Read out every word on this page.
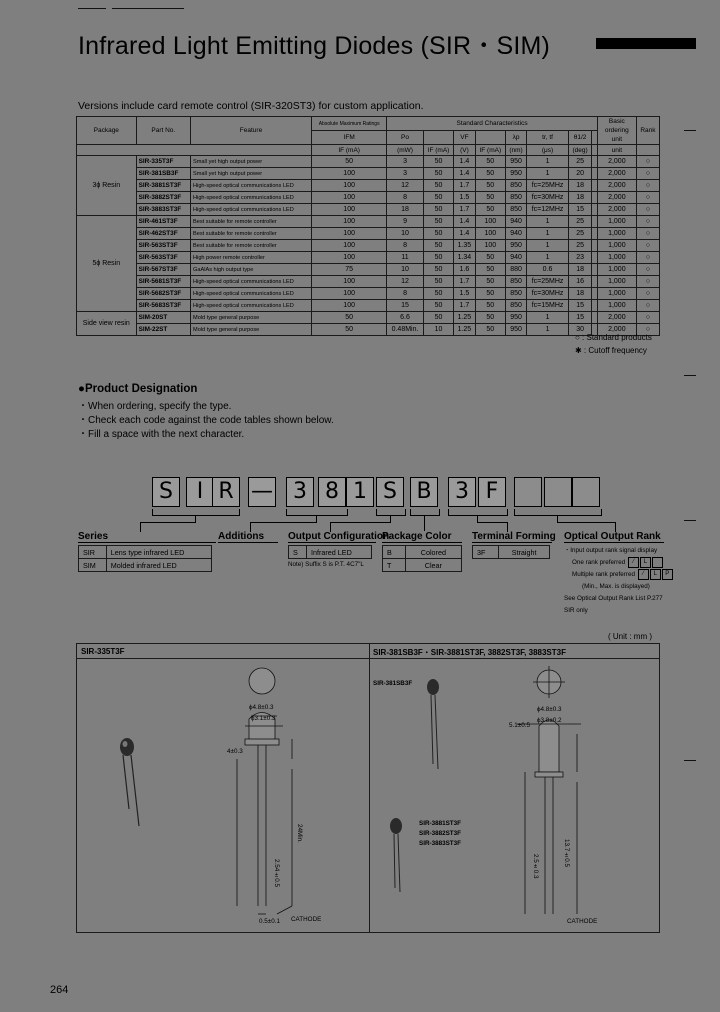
Infrared Light Emitting Diodes (SIR・SIM)
Versions include card remote control (SIR-320ST3) for custom application.
Package	Part No.	Feature	Absolute Maximum Ratings	Standard Characteristics								Basic ordering unit	Rank
			IFM	Po		VF		λp	tr, tf	θ1/2			
			IF (mA)	(mW)	IF (mA)	(V)	IF (mA)	(nm)	(μs)	(deg)		unit	
3ϕ Resin	SIR-335T3F	Small yet high output power	50	3	50	1.4	50	950	1	25		2,000	○
	SIR-381SB3F	Small yet high output power	100	3	50	1.4	50	950	1	20		2,000	○
	SIR-3881ST3F	High-speed optical communications LED	100	12	50	1.7	50	850	fc=25MHz	18		2,000	○
	SIR-3882ST3F	High-speed optical communications LED	100	8	50	1.5	50	850	fc=30MHz	18		2,000	○
	SIR-3883ST3F	High-speed optical communications LED	100	18	50	1.7	50	850	fc=12MHz	15		2,000	○
5ϕ Resin	SIR-461ST3F	Best suitable for remote controller	100	9	50	1.4	100	940	1	25		1,000	○
	SIR-462ST3F	Best suitable for remote controller	100	10	50	1.4	100	940	1	25		1,000	○
	SIR-563ST3F	Best suitable for remote controller	100	8	50	1.35	100	950	1	25		1,000	○
	SIR-563ST3F	High power remote controller	100	11	50	1.34	50	940	1	23		1,000	○
	SIR-567ST3F	GaAlAs high output type	75	10	50	1.6	50	880	0.6	18		1,000	○
	SIR-5681ST3F	High-speed optical communications LED	100	12	50	1.7	50	850	fc=25MHz	16		1,000	○
	SIR-5682ST3F	High-speed optical communications LED	100	8	50	1.5	50	850	fc=30MHz	18		1,000	○
	SIR-5683ST3F	High-speed optical communications LED	100	15	50	1.7	50	850	fc=15MHz	15		1,000	○
Side view resin	SIM-20ST	Mold type general purpose	50	6.6	50	1.25	50	950	1	15		2,000	○
	SIM-22ST	Mold type general purpose	50	0.48Min.	10	1.25	50	950	1	30		2,000	○
○ : Standard products
✱ : Cutoff frequency
●Product Designation
・When ordering, specify the type.
・Check each code against the code tables shown below.
・Fill a space with the next character.
S	I R — 3 8 1 S B	3 F
Series
SIR	Lens type infrared LED
SIM	Molded infrared LED
Additions	Output Configuration
S	Infrared LED
Note) Suffix S is P.T. 4C7"L
Package Color
B	Colored
T	Clear
Terminal Forming
3F	Straight
Optical Output Rank
・Input output rank signal display
One rank preferred ⁄ L
Multiple rank preferred ⁄ L P
(Min., Max. is displayed)
See Optical Output Rank List P.277
SIR only
( Unit : mm )
SIR-335T3F	SIR-381SB3F・SIR-3881ST3F, 3882ST3F, 3883ST3F
ϕ4.8±0.3
ϕ3.1±0.3
4±0.3
24Min.
2.54±0.5
0.5±0.1 CATHODE
SIR-381SB3F
SIR-3881ST3F
SIR-3882ST3F
SIR-3883ST3F
ϕ4.8±0.3
ϕ3.8±0.2
5.1±0.5
2.5±0.3	13.7±0.5
CATHODE
264
